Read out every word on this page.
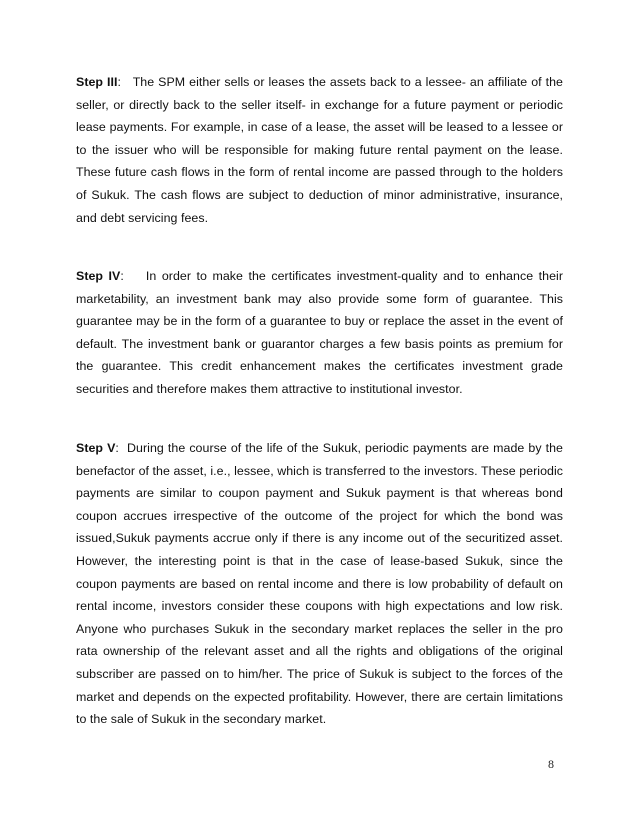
Step III:   The SPM either sells or leases the assets back to a lessee- an affiliate of the seller, or directly back to the seller itself- in exchange for a future payment or periodic lease payments. For example, in case of a lease, the asset will be leased to a lessee or to the issuer who will be responsible for making future rental payment on the lease. These future cash flows in the form of rental income are passed through to the holders of Sukuk. The cash flows are subject to deduction of minor administrative, insurance, and debt servicing fees.

Step IV:    In order to make the certificates investment-quality and to enhance their marketability, an investment bank may also provide some form of guarantee. This guarantee may be in the form of a guarantee to buy or replace the asset in the event of default. The investment bank or guarantor charges a few basis points as premium for the guarantee. This credit enhancement makes the certificates investment grade securities and therefore makes them attractive to institutional investor.

Step V:  During the course of the life of the Sukuk, periodic payments are made by the benefactor of the asset, i.e., lessee, which is transferred to the investors. These periodic payments are similar to coupon payment and Sukuk payment is that whereas bond coupon accrues irrespective of the outcome of the project for which the bond was issued,Sukuk payments accrue only if there is any income out of the securitized asset. However, the interesting point is that in the case of lease-based Sukuk, since the coupon payments are based on rental income and there is low probability of default on rental income, investors consider these coupons with high expectations and low risk. Anyone who purchases Sukuk in the secondary market replaces the seller in the pro rata ownership of the relevant asset and all the rights and obligations of the original subscriber are passed on to him/her. The price of Sukuk is subject to the forces of the market and depends on the expected profitability. However, there are certain limitations to the sale of Sukuk in the secondary market.

8
